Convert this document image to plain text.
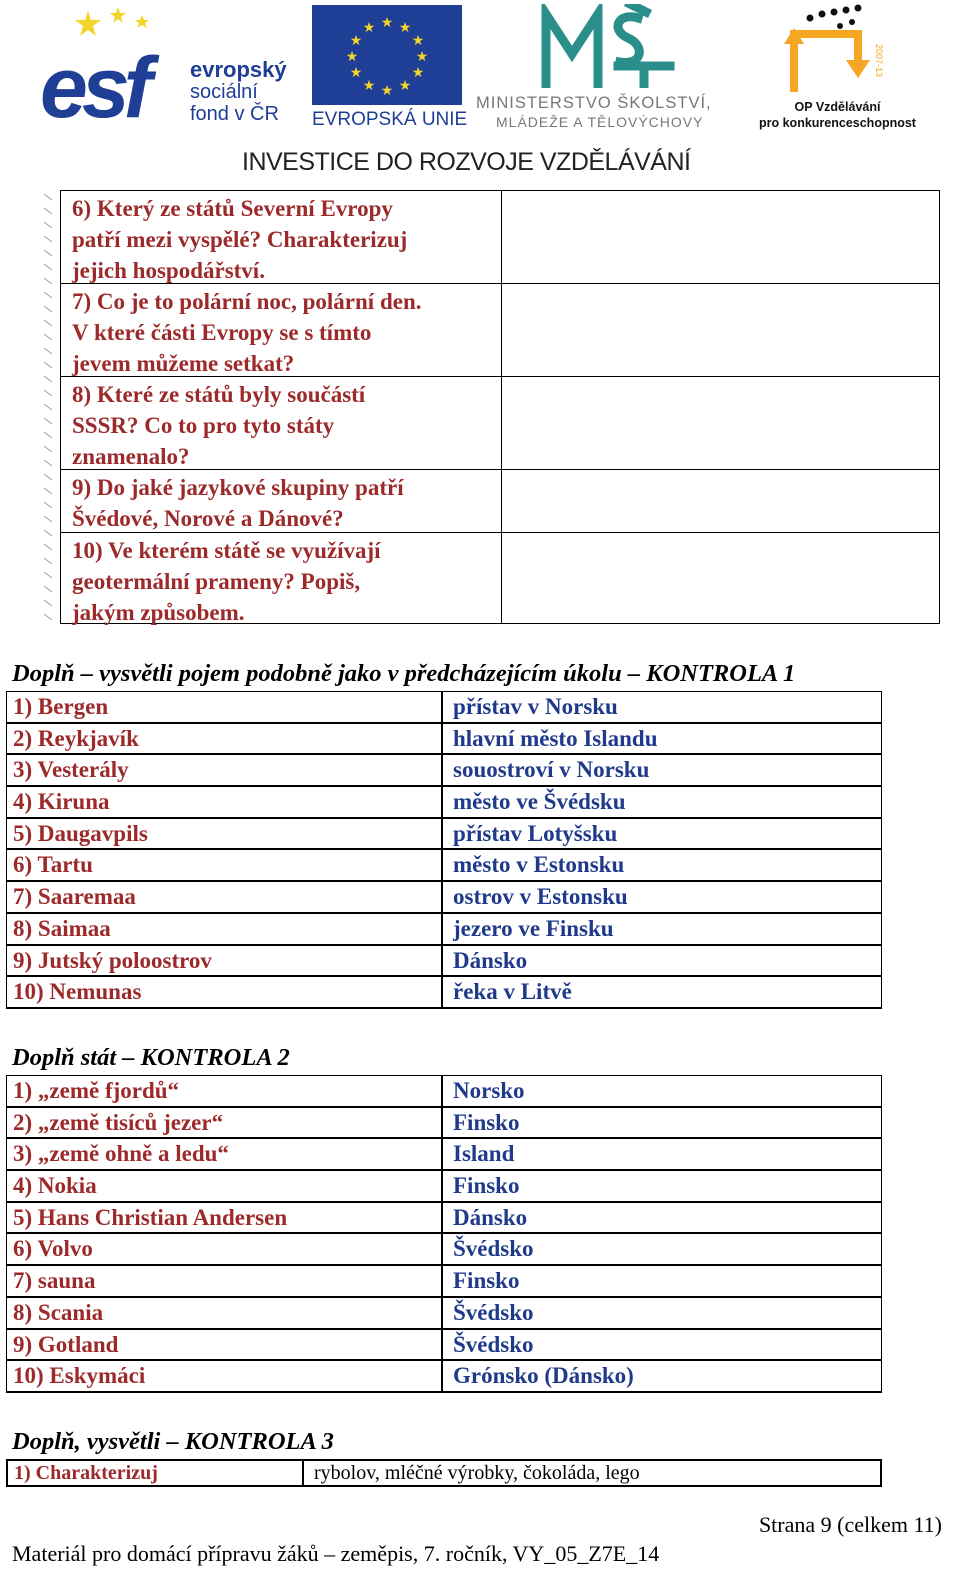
esf evropský
sociální
fond v ČR
★ ★
★
★
★
★
★
★
★
★
★
★
EVROPSKÁ UNIE
MINISTERSTVO ŠKOLSTVÍ,
MLÁDEŽE A TĚLOVÝCHOVY
2007-13
OP Vzdělávání
pro konkurenceschopnost
INVESTICE DO ROZVOJE VZDĚLÁVÁNÍ
6) Který ze států Severní Evropy
patří mezi vyspělé? Charakterizuj
jejich hospodářství.
7) Co je to polární noc, polární den.
V které části Evropy se s tímto
jevem můžeme setkat?
8) Které ze států byly součástí
SSSR? Co to pro tyto státy
znamenalo?
9) Do jaké jazykové skupiny patří
Švédové, Norové a Dánové?
10) Ve kterém státě se využívají
geotermální prameny? Popiš,
jakým způsobem.
Doplň – vysvětli pojem podobně jako v předcházejícím úkolu – KONTROLA 1
1) Bergen	přístav v Norsku
2) Reykjavík	hlavní město Islandu
3) Vesterály	souostroví v Norsku
4) Kiruna	město ve Švédsku
5) Daugavpils	přístav Lotyšsku
6) Tartu	město v Estonsku
7) Saaremaa	ostrov v Estonsku
8) Saimaa	jezero ve Finsku
9) Jutský poloostrov	Dánsko
10) Nemunas	řeka v Litvě
Doplň stát – KONTROLA 2
1) „země fjordů“	Norsko
2) „země tisíců jezer“	Finsko
3) „země ohně a ledu“	Island
4) Nokia	Finsko
5) Hans Christian Andersen	Dánsko
6) Volvo	Švédsko
7) sauna	Finsko
8) Scania	Švédsko
9) Gotland	Švédsko
10) Eskymáci	Grónsko (Dánsko)
Doplň, vysvětli – KONTROLA 3
1) Charakterizuj	rybolov, mléčné výrobky, čokoláda, lego
Strana 9 (celkem 11)
Materiál pro domácí přípravu žáků – zeměpis, 7. ročník, VY_05_Z7E_14
